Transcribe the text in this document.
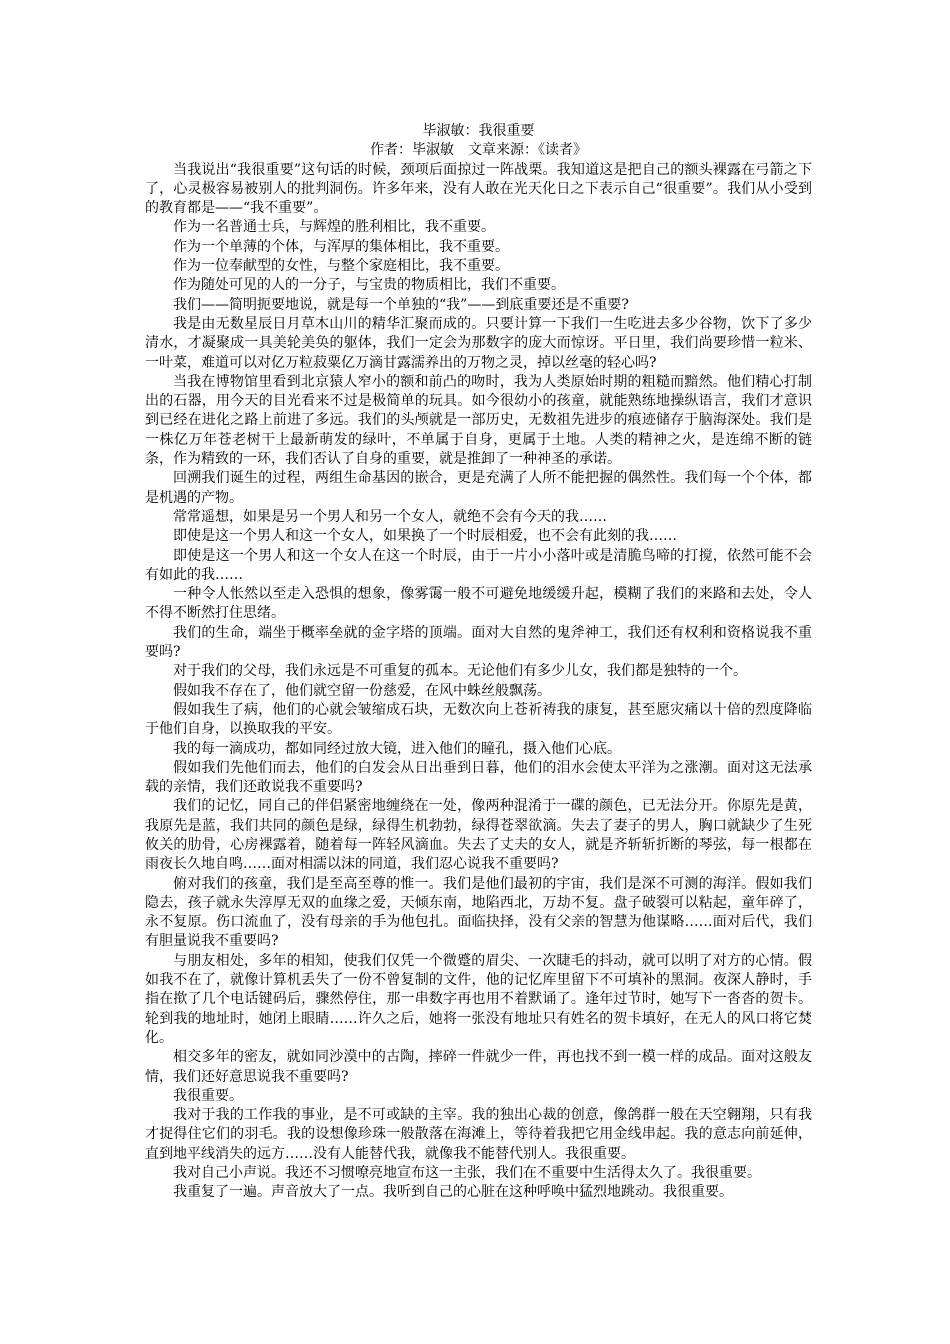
毕淑敏：我很重要

作者：毕淑敏　文章来源：《读者》

当我说出“我很重要”这句话的时候，颈项后面掠过一阵战栗。我知道这是把自己的额头裸露在弓箭之下了，心灵极容易被别人的批判洞伤。许多年来，没有人敢在光天化日之下表示自己“很重要”。我们从小受到的教育都是——“我不重要”。

作为一名普通士兵，与辉煌的胜利相比，我不重要。

作为一个单薄的个体，与浑厚的集体相比，我不重要。

作为一位奉献型的女性，与整个家庭相比，我不重要。

作为随处可见的人的一分子，与宝贵的物质相比，我们不重要。

我们——简明扼要地说，就是每一个单独的“我”——到底重要还是不重要?

我是由无数星辰日月草木山川的精华汇聚而成的。只要计算一下我们一生吃进去多少谷物，饮下了多少清水，才凝聚成一具美轮美奂的躯体，我们一定会为那数字的庞大而惊讶。平日里，我们尚要珍惜一粒米、一叶菜，难道可以对亿万粒菽粟亿万滴甘露濡养出的万物之灵，掉以丝毫的轻心吗?

当我在博物馆里看到北京猿人窄小的额和前凸的吻时，我为人类原始时期的粗糙而黯然。他们精心打制出的石器，用今天的目光看来不过是极简单的玩具。如今很幼小的孩童，就能熟练地操纵语言，我们才意识到已经在进化之路上前进了多远。我们的头颅就是一部历史，无数祖先进步的痕迹储存于脑海深处。我们是一株亿万年苍老树干上最新萌发的绿叶，不单属于自身，更属于土地。人类的精神之火，是连绵不断的链条，作为精致的一环，我们否认了自身的重要，就是推卸了一种神圣的承诺。

回溯我们诞生的过程，两组生命基因的嵌合，更是充满了人所不能把握的偶然性。我们每一个个体，都是机遇的产物。

常常遥想，如果是另一个男人和另一个女人，就绝不会有今天的我……

即使是这一个男人和这一个女人，如果换了一个时辰相爱，也不会有此刻的我……

即使是这一个男人和这一个女人在这一个时辰，由于一片小小落叶或是清脆鸟啼的打搅，依然可能不会有如此的我……

一种令人怅然以至走入恐惧的想象，像雾霭一般不可避免地缓缓升起，模糊了我们的来路和去处，令人不得不断然打住思绪。

我们的生命，端坐于概率垒就的金字塔的顶端。面对大自然的鬼斧神工，我们还有权利和资格说我不重要吗?

对于我们的父母，我们永远是不可重复的孤本。无论他们有多少儿女，我们都是独特的一个。

假如我不存在了，他们就空留一份慈爱，在风中蛛丝般飘荡。

假如我生了病，他们的心就会皱缩成石块，无数次向上苍祈祷我的康复，甚至愿灾痛以十倍的烈度降临于他们自身，以换取我的平安。

我的每一滴成功，都如同经过放大镜，进入他们的瞳孔，摄入他们心底。

假如我们先他们而去，他们的白发会从日出垂到日暮，他们的泪水会使太平洋为之涨潮。面对这无法承载的亲情，我们还敢说我不重要吗?

我们的记忆，同自己的伴侣紧密地缠绕在一处，像两种混淆于一碟的颜色，已无法分开。你原先是黄，我原先是蓝，我们共同的颜色是绿，绿得生机勃勃，绿得苍翠欲滴。失去了妻子的男人，胸口就缺少了生死攸关的肋骨，心房裸露着，随着每一阵轻风滴血。失去了丈夫的女人，就是齐斩斩折断的琴弦，每一根都在雨夜长久地自鸣……面对相濡以沫的同道，我们忍心说我不重要吗?

俯对我们的孩童，我们是至高至尊的惟一。我们是他们最初的宇宙，我们是深不可测的海洋。假如我们隐去，孩子就永失淳厚无双的血缘之爱，天倾东南，地陷西北，万劫不复。盘子破裂可以粘起，童年碎了，永不复原。伤口流血了，没有母亲的手为他包扎。面临抉择，没有父亲的智慧为他谋略……面对后代，我们有胆量说我不重要吗?

与朋友相处，多年的相知，使我们仅凭一个微蹙的眉尖、一次睫毛的抖动，就可以明了对方的心情。假如我不在了，就像计算机丢失了一份不曾复制的文件，他的记忆库里留下不可填补的黑洞。夜深人静时，手指在揿了几个电话键码后，骤然停住，那一串数字再也用不着默诵了。逢年过节时，她写下一沓沓的贺卡。轮到我的地址时，她闭上眼睛……许久之后，她将一张没有地址只有姓名的贺卡填好，在无人的风口将它焚化。

相交多年的密友，就如同沙漠中的古陶，摔碎一件就少一件，再也找不到一模一样的成品。面对这般友情，我们还好意思说我不重要吗?

我很重要。

我对于我的工作我的事业，是不可或缺的主宰。我的独出心裁的创意，像鸽群一般在天空翱翔，只有我才捉得住它们的羽毛。我的设想像珍珠一般散落在海滩上，等待着我把它用金线串起。我的意志向前延伸，直到地平线消失的远方……没有人能替代我，就像我不能替代别人。我很重要。

我对自己小声说。我还不习惯嘹亮地宣布这一主张，我们在不重要中生活得太久了。我很重要。

我重复了一遍。声音放大了一点。我听到自己的心脏在这种呼唤中猛烈地跳动。我很重要。
